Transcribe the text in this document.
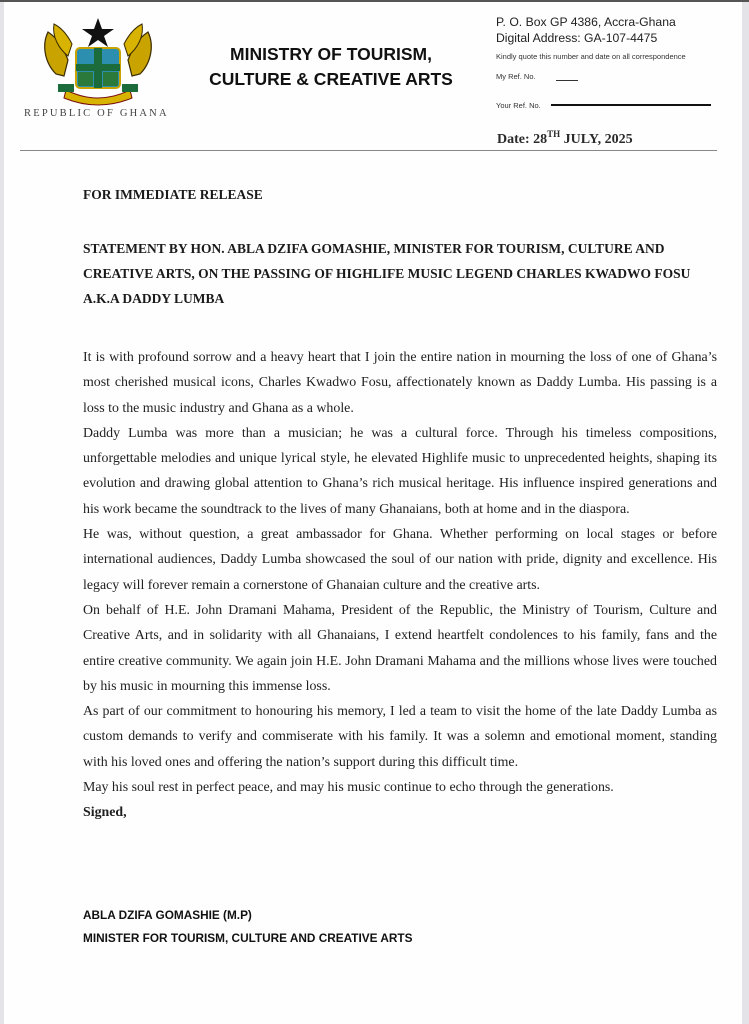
REPUBLIC OF GHANA
MINISTRY OF TOURISM,
CULTURE & CREATIVE ARTS
P. O. Box GP 4386, Accra-Ghana
Digital Address: GA-107-4475
Kindly quote this number and date on all correspondence
My Ref. No.
Your Ref. No.
Date: 28TH JULY, 2025
FOR IMMEDIATE RELEASE
STATEMENT BY HON. ABLA DZIFA GOMASHIE, MINISTER FOR TOURISM, CULTURE AND CREATIVE ARTS, ON THE PASSING OF HIGHLIFE MUSIC LEGEND CHARLES KWADWO FOSU A.K.A DADDY LUMBA

It is with profound sorrow and a heavy heart that I join the entire nation in mourning the loss of one of Ghana’s most cherished musical icons, Charles Kwadwo Fosu, affectionately known as Daddy Lumba. His passing is a loss to the music industry and Ghana as a whole.

Daddy Lumba was more than a musician; he was a cultural force. Through his timeless compositions, unforgettable melodies and unique lyrical style, he elevated Highlife music to unprecedented heights, shaping its evolution and drawing global attention to Ghana’s rich musical heritage. His influence inspired generations and his work became the soundtrack to the lives of many Ghanaians, both at home and in the diaspora.

He was, without question, a great ambassador for Ghana. Whether performing on local stages or before international audiences, Daddy Lumba showcased the soul of our nation with pride, dignity and excellence. His legacy will forever remain a cornerstone of Ghanaian culture and the creative arts.

On behalf of H.E. John Dramani Mahama, President of the Republic, the Ministry of Tourism, Culture and Creative Arts, and in solidarity with all Ghanaians, I extend heartfelt condolences to his family, fans and the entire creative community. We again join H.E. John Dramani Mahama and the millions whose lives were touched by his music in mourning this immense loss.

As part of our commitment to honouring his memory, I led a team to visit the home of the late Daddy Lumba as custom demands to verify and commiserate with his family. It was a solemn and emotional moment, standing with his loved ones and offering the nation’s support during this difficult time.

May his soul rest in perfect peace, and may his music continue to echo through the generations.

Signed,

ABLA DZIFA GOMASHIE (M.P)
MINISTER FOR TOURISM, CULTURE AND CREATIVE ARTS
